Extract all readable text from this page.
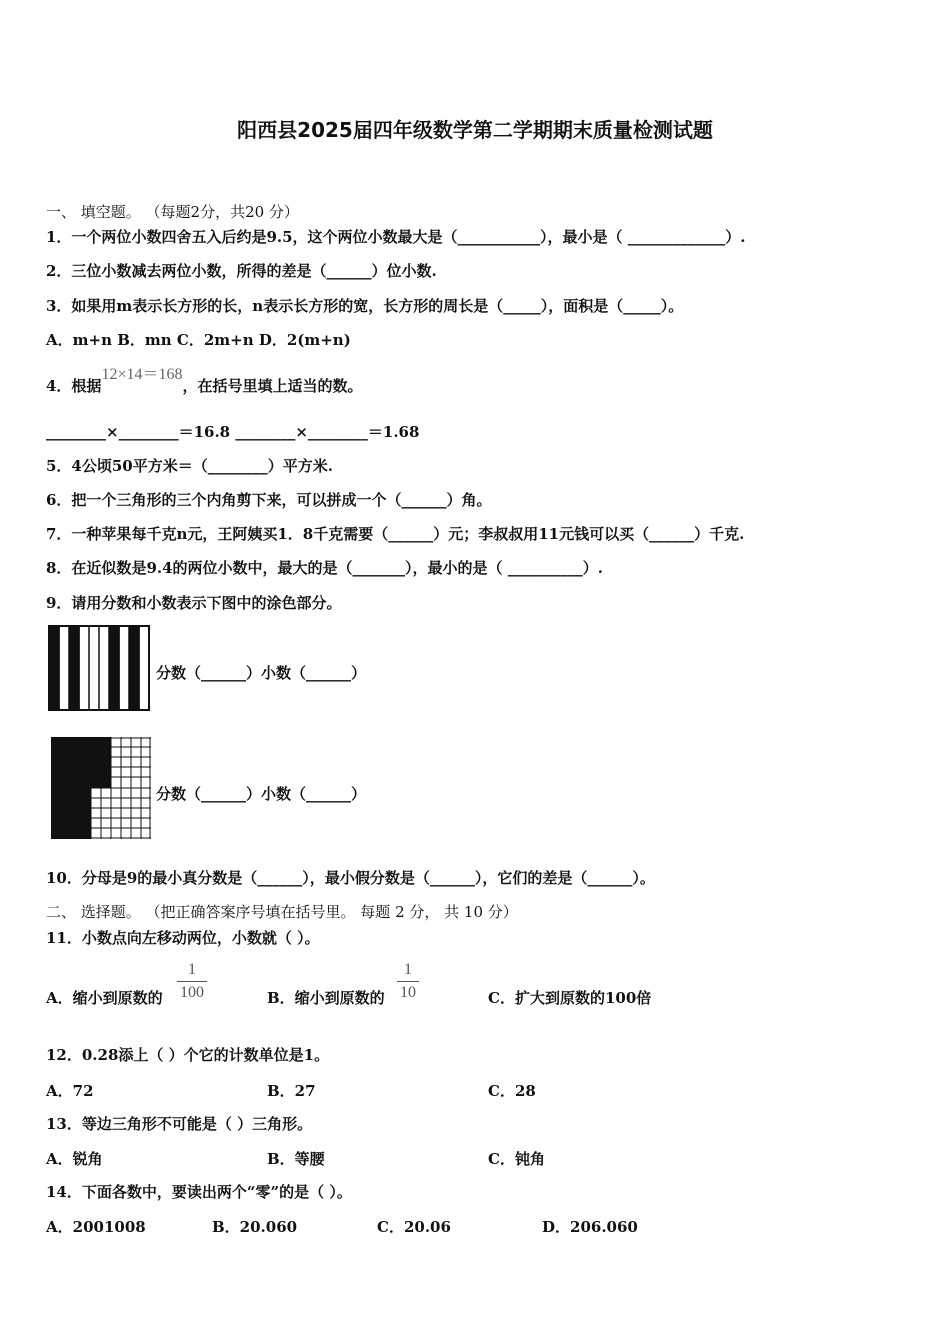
阳西县2025届四年级数学第二学期期末质量检测试题
一、 填空题。 （每题2分，共20 分）
1．一个两位小数四舍五入后约是9.5，这个两位小数最大是（___________），最小是（ _____________）.
2．三位小数减去两位小数，所得的差是（______）位小数.
3．如果用m表示长方形的长，n表示长方形的宽，长方形的周长是（_____），面积是（_____）。
A．m+n B．mn C．2m+n D．2(m+n)
4．根据12×14＝168，在括号里填上适当的数。
________×________＝16.8 ________×________＝1.68
5．4公顷50平方米＝（________）平方米.
6．把一个三角形的三个内角剪下来，可以拼成一个（______）角。
7．一种苹果每千克n元，王阿姨买1．8千克需要（______）元；李叔叔用11元钱可以买（______）千克.
8．在近似数是9.4的两位小数中，最大的是（_______），最小的是（ __________）.
9．请用分数和小数表示下图中的涂色部分。
分数（______）小数（______）
分数（______）小数（______）
10．分母是9的最小真分数是（______），最小假分数是（______），它们的差是（______）。
二、 选择题。 （把正确答案序号填在括号里。 每题 2 分， 共 10 分）
11．小数点向左移动两位，小数就（ ）。
A．缩小到原数的
1
100	B．缩小到原数的
1
10	C．扩大到原数的100倍
12．0.28添上（ ）个它的计数单位是1。
A．72	B．27	C．28
13．等边三角形不可能是（ ）三角形。
A．锐角	B．等腰	C．钝角
14．下面各数中，要读出两个“零”的是（ ）。
A．2001008	B．20.060	C．20.06	D．206.060
